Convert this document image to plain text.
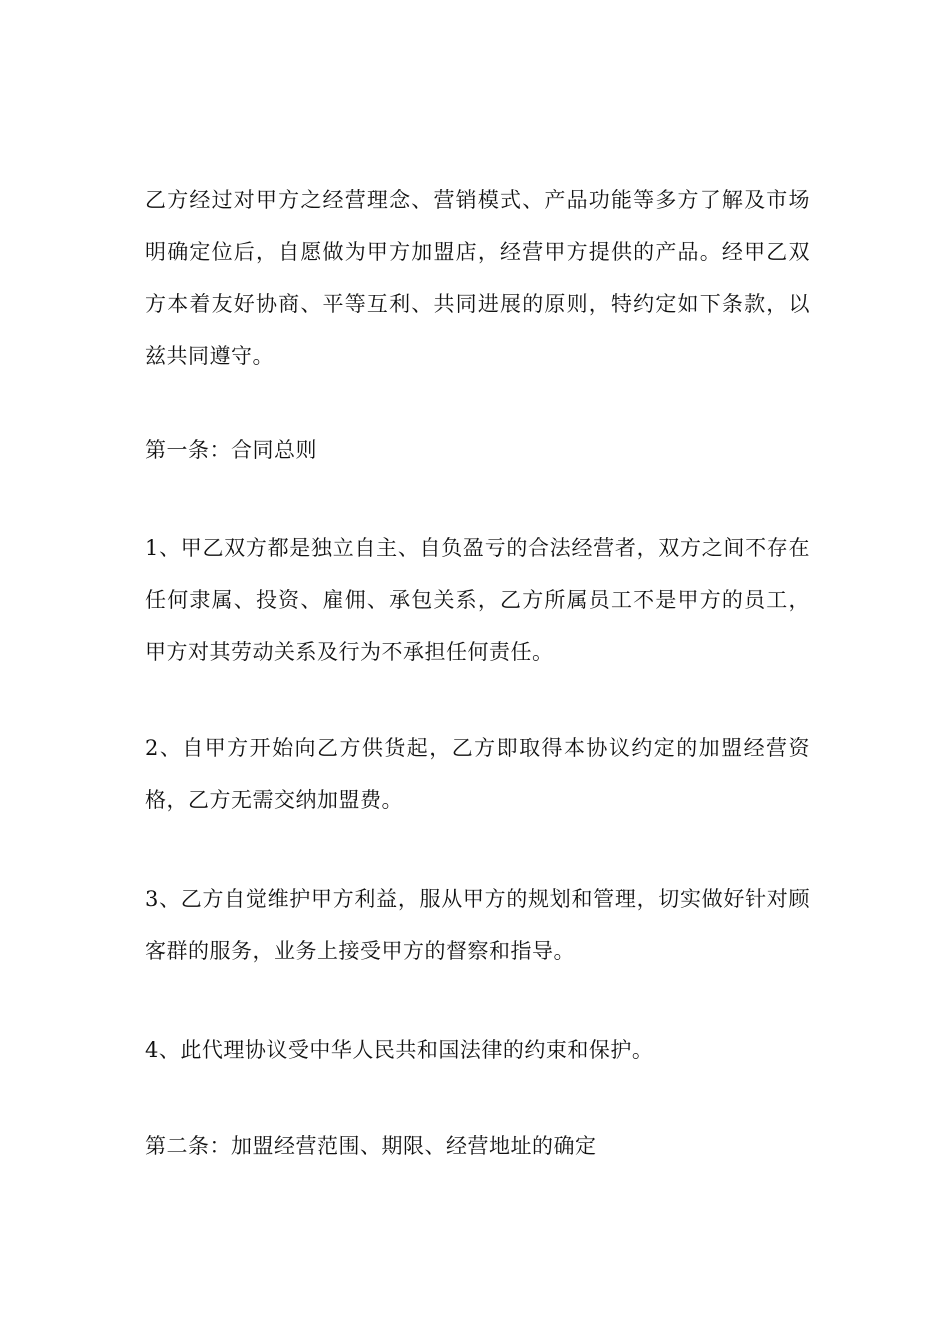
乙方经过对甲方之经营理念、营销模式、产品功能等多方了解及市场明确定位后，自愿做为甲方加盟店，经营甲方提供的产品。经甲乙双方本着友好协商、平等互利、共同进展的原则，特约定如下条款，以兹共同遵守。

第一条：合同总则

1、甲乙双方都是独立自主、自负盈亏的合法经营者，双方之间不存在任何隶属、投资、雇佣、承包关系，乙方所属员工不是甲方的员工，甲方对其劳动关系及行为不承担任何责任。

2、自甲方开始向乙方供货起，乙方即取得本协议约定的加盟经营资格，乙方无需交纳加盟费。

3、乙方自觉维护甲方利益，服从甲方的规划和管理，切实做好针对顾客群的服务，业务上接受甲方的督察和指导。

4、此代理协议受中华人民共和国法律的约束和保护。

第二条：加盟经营范围、期限、经营地址的确定
